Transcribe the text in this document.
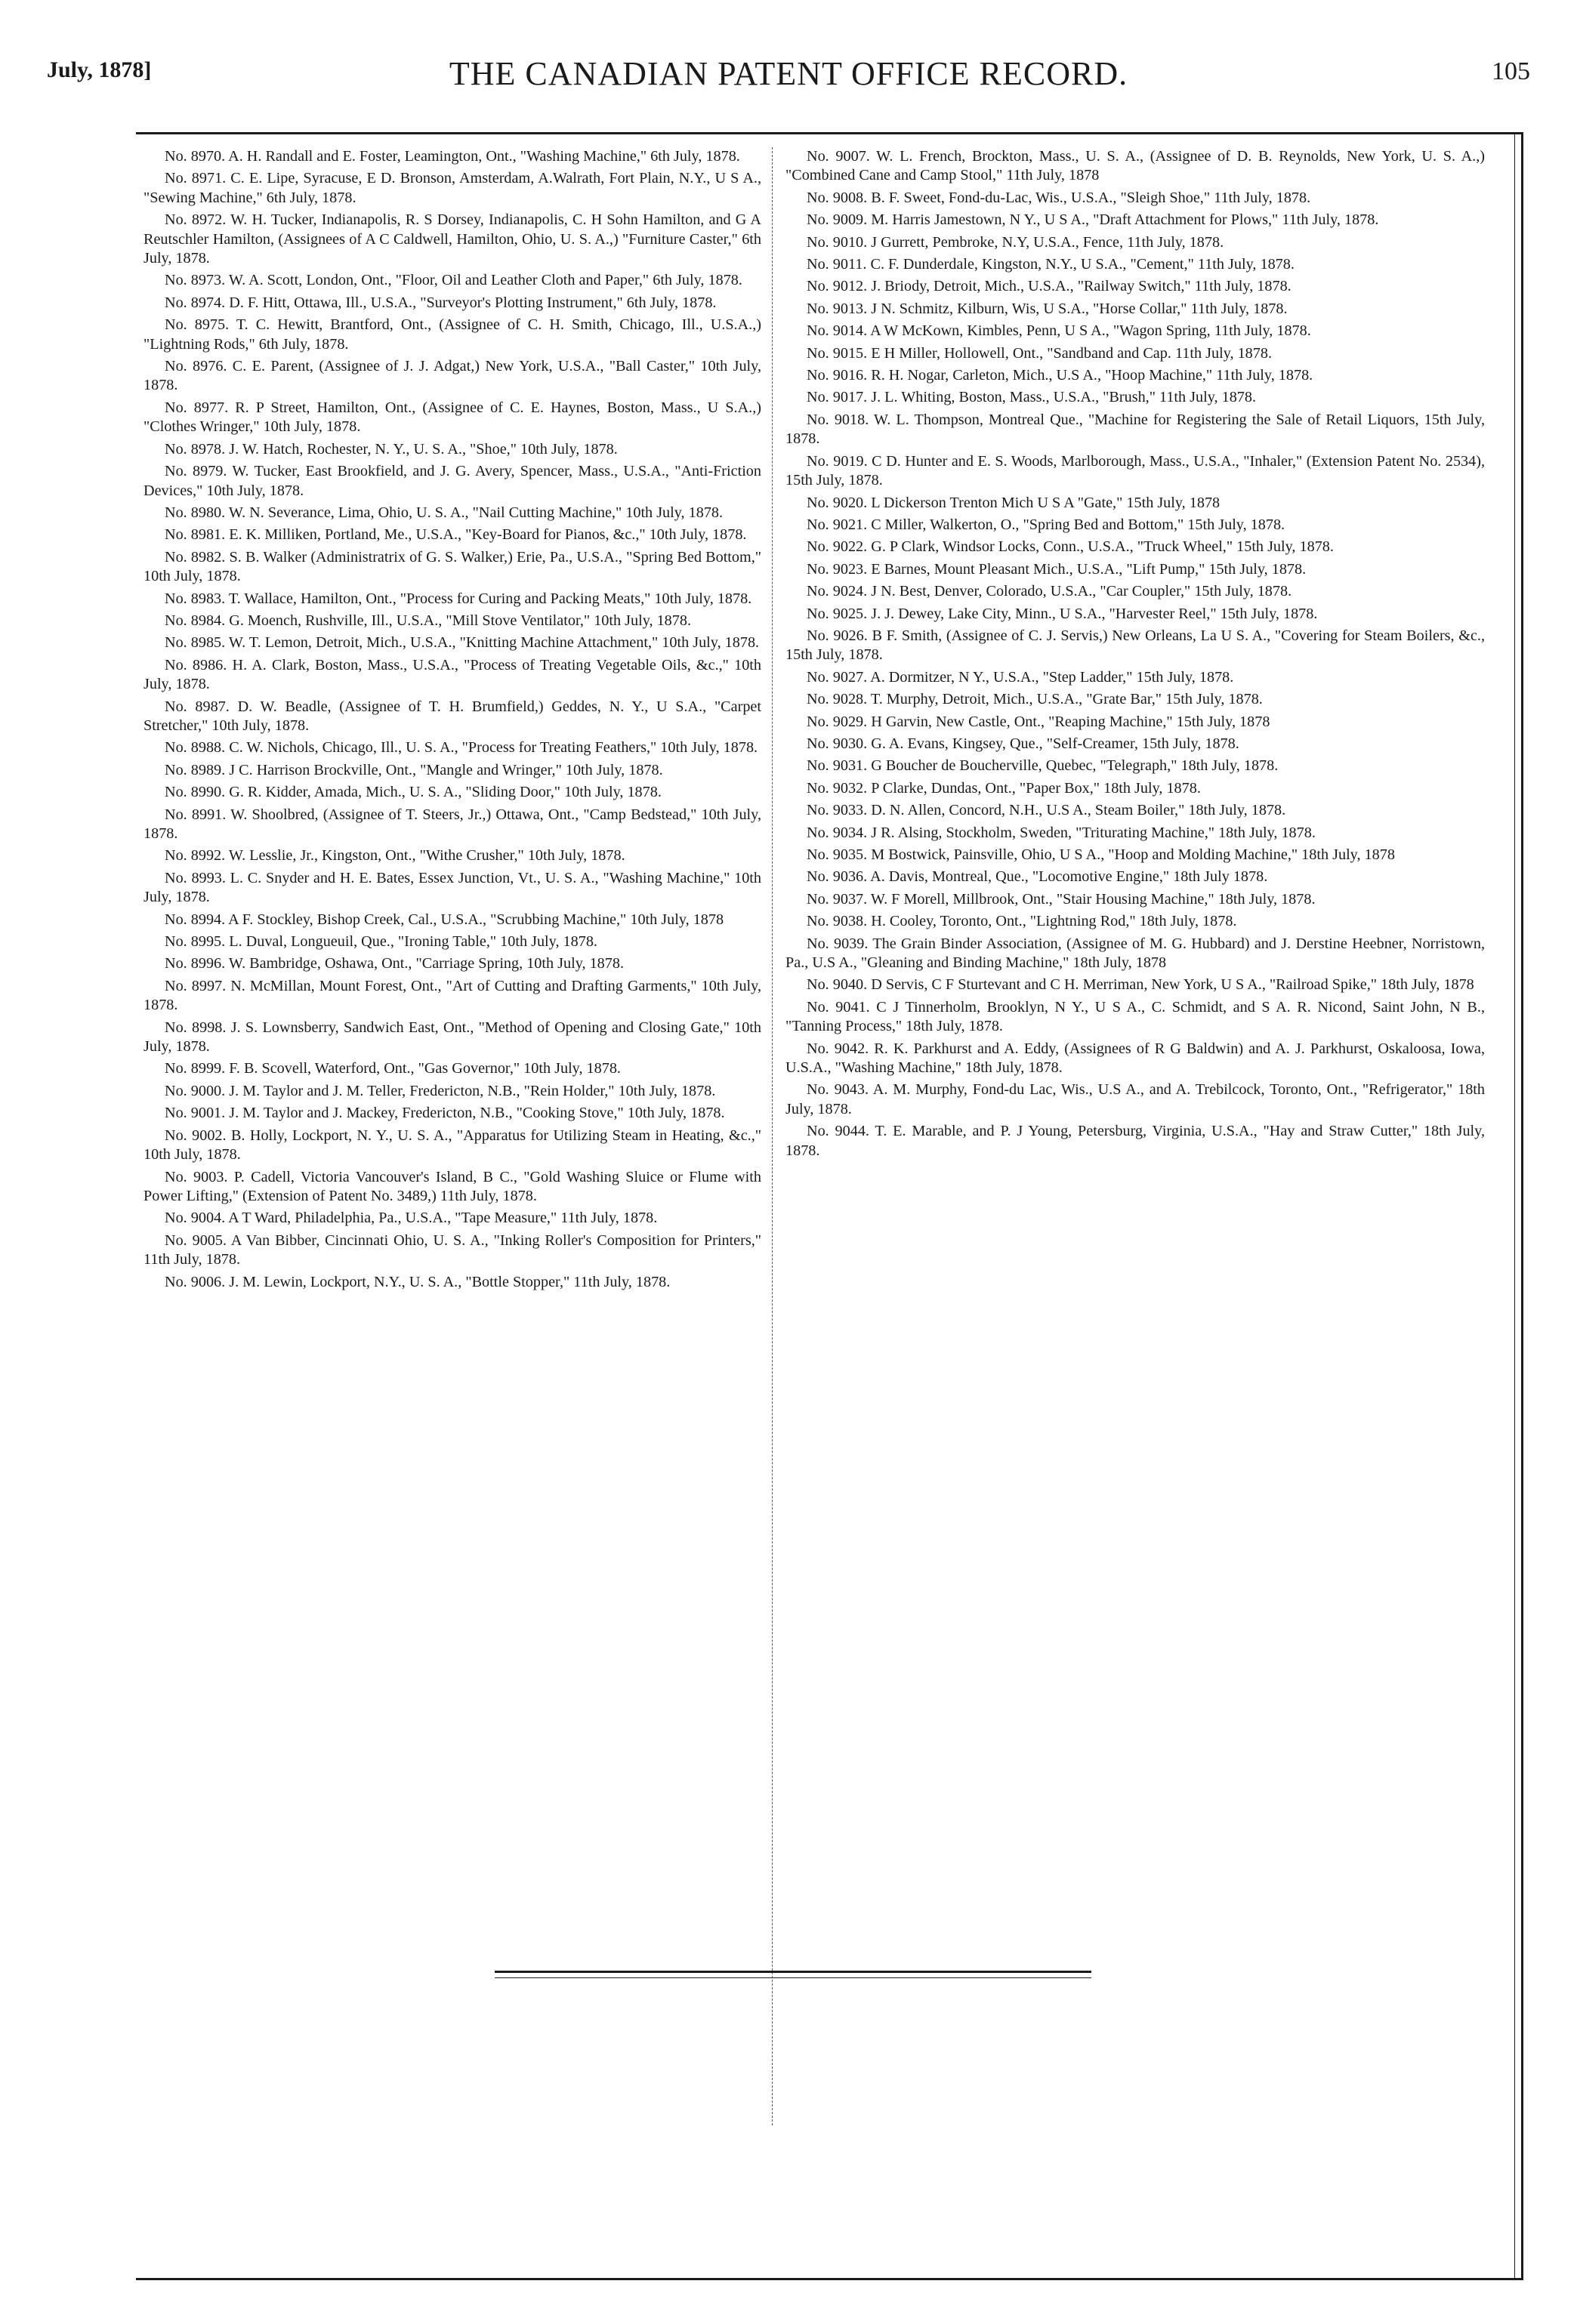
July, 1878]	THE CANADIAN PATENT OFFICE RECORD.	105

No. 8970. A. H. Randall and E. Foster, Leamington, Ont., "Washing Machine," 6th July, 1878.

No. 8971. C. E. Lipe, Syracuse, E D. Bronson, Amsterdam, A.Walrath, Fort Plain, N.Y., U S A., "Sewing Machine," 6th July, 1878.

No. 8972. W. H. Tucker, Indianapolis, R. S Dorsey, Indianapolis, C. H Sohn Hamilton, and G A Reutschler Hamilton, (Assignees of A C Caldwell, Hamilton, Ohio, U. S. A.,) "Furniture Caster," 6th July, 1878.

No. 8973. W. A. Scott, London, Ont., "Floor, Oil and Leather Cloth and Paper," 6th July, 1878.

No. 8974. D. F. Hitt, Ottawa, Ill., U.S.A., "Surveyor's Plotting Instrument," 6th July, 1878.

No. 8975. T. C. Hewitt, Brantford, Ont., (Assignee of C. H. Smith, Chicago, Ill., U.S.A.,) "Lightning Rods," 6th July, 1878.

No. 8976. C. E. Parent, (Assignee of J. J. Adgat,) New York, U.S.A., "Ball Caster," 10th July, 1878.

No. 8977. R. P Street, Hamilton, Ont., (Assignee of C. E. Haynes, Boston, Mass., U S.A.,) "Clothes Wringer," 10th July, 1878.

No. 8978. J. W. Hatch, Rochester, N. Y., U. S. A., "Shoe," 10th July, 1878.

No. 8979. W. Tucker, East Brookfield, and J. G. Avery, Spencer, Mass., U.S.A., "Anti-Friction Devices," 10th July, 1878.

No. 8980. W. N. Severance, Lima, Ohio, U. S. A., "Nail Cutting Machine," 10th July, 1878.

No. 8981. E. K. Milliken, Portland, Me., U.S.A., "Key-Board for Pianos, &c.," 10th July, 1878.

No. 8982. S. B. Walker (Administratrix of G. S. Walker,) Erie, Pa., U.S.A., "Spring Bed Bottom," 10th July, 1878.

No. 8983. T. Wallace, Hamilton, Ont., "Process for Curing and Packing Meats," 10th July, 1878.

No. 8984. G. Moench, Rushville, Ill., U.S.A., "Mill Stove Ventilator," 10th July, 1878.

No. 8985. W. T. Lemon, Detroit, Mich., U.S.A., "Knitting Machine Attachment," 10th July, 1878.

No. 8986. H. A. Clark, Boston, Mass., U.S.A., "Process of Treating Vegetable Oils, &c.," 10th July, 1878.

No. 8987. D. W. Beadle, (Assignee of T. H. Brumfield,) Geddes, N. Y., U S.A., "Carpet Stretcher," 10th July, 1878.

No. 8988. C. W. Nichols, Chicago, Ill., U. S. A., "Process for Treating Feathers," 10th July, 1878.

No. 8989. J C. Harrison Brockville, Ont., "Mangle and Wringer," 10th July, 1878.

No. 8990. G. R. Kidder, Amada, Mich., U. S. A., "Sliding Door," 10th July, 1878.

No. 8991. W. Shoolbred, (Assignee of T. Steers, Jr.,) Ottawa, Ont., "Camp Bedstead," 10th July, 1878.

No. 8992. W. Lesslie, Jr., Kingston, Ont., "Withe Crusher," 10th July, 1878.

No. 8993. L. C. Snyder and H. E. Bates, Essex Junction, Vt., U. S. A., "Washing Machine," 10th July, 1878.

No. 8994. A F. Stockley, Bishop Creek, Cal., U.S.A., "Scrubbing Machine," 10th July, 1878

No. 8995. L. Duval, Longueuil, Que., "Ironing Table," 10th July, 1878.

No. 8996. W. Bambridge, Oshawa, Ont., "Carriage Spring, 10th July, 1878.

No. 8997. N. McMillan, Mount Forest, Ont., "Art of Cutting and Drafting Garments," 10th July, 1878.

No. 8998. J. S. Lownsberry, Sandwich East, Ont., "Method of Opening and Closing Gate," 10th July, 1878.

No. 8999. F. B. Scovell, Waterford, Ont., "Gas Governor," 10th July, 1878.

No. 9000. J. M. Taylor and J. M. Teller, Fredericton, N.B., "Rein Holder," 10th July, 1878.

No. 9001. J. M. Taylor and J. Mackey, Fredericton, N.B., "Cooking Stove," 10th July, 1878.

No. 9002. B. Holly, Lockport, N. Y., U. S. A., "Apparatus for Utilizing Steam in Heating, &c.," 10th July, 1878.

No. 9003. P. Cadell, Victoria Vancouver's Island, B C., "Gold Washing Sluice or Flume with Power Lifting," (Extension of Patent No. 3489,) 11th July, 1878.

No. 9004. A T Ward, Philadelphia, Pa., U.S.A., "Tape Measure," 11th July, 1878.

No. 9005. A Van Bibber, Cincinnati Ohio, U. S. A., "Inking Roller's Composition for Printers," 11th July, 1878.

No. 9006. J. M. Lewin, Lockport, N.Y., U. S. A., "Bottle Stopper," 11th July, 1878.

No. 9007. W. L. French, Brockton, Mass., U. S. A., (Assignee of D. B. Reynolds, New York, U. S. A.,) "Combined Cane and Camp Stool," 11th July, 1878

No. 9008. B. F. Sweet, Fond-du-Lac, Wis., U.S.A., "Sleigh Shoe," 11th July, 1878.

No. 9009. M. Harris Jamestown, N Y., U S A., "Draft Attachment for Plows," 11th July, 1878.

No. 9010. J Gurrett, Pembroke, N.Y, U.S.A., Fence, 11th July, 1878.

No. 9011. C. F. Dunderdale, Kingston, N.Y., U S.A., "Cement," 11th July, 1878.

No. 9012. J. Briody, Detroit, Mich., U.S.A., "Railway Switch," 11th July, 1878.

No. 9013. J N. Schmitz, Kilburn, Wis, U S.A., "Horse Collar," 11th July, 1878.

No. 9014. A W McKown, Kimbles, Penn, U S A., "Wagon Spring, 11th July, 1878.

No. 9015. E H Miller, Hollowell, Ont., "Sandband and Cap. 11th July, 1878.

No. 9016. R. H. Nogar, Carleton, Mich., U.S A., "Hoop Machine," 11th July, 1878.

No. 9017. J. L. Whiting, Boston, Mass., U.S.A., "Brush," 11th July, 1878.

No. 9018. W. L. Thompson, Montreal Que., "Machine for Registering the Sale of Retail Liquors, 15th July, 1878.

No. 9019. C D. Hunter and E. S. Woods, Marlborough, Mass., U.S.A., "Inhaler," (Extension Patent No. 2534), 15th July, 1878.

No. 9020. L Dickerson Trenton Mich U S A "Gate," 15th July, 1878

No. 9021. C Miller, Walkerton, O., "Spring Bed and Bottom," 15th July, 1878.

No. 9022. G. P Clark, Windsor Locks, Conn., U.S.A., "Truck Wheel," 15th July, 1878.

No. 9023. E Barnes, Mount Pleasant Mich., U.S.A., "Lift Pump," 15th July, 1878.

No. 9024. J N. Best, Denver, Colorado, U.S.A., "Car Coupler," 15th July, 1878.

No. 9025. J. J. Dewey, Lake City, Minn., U S.A., "Harvester Reel," 15th July, 1878.

No. 9026. B F. Smith, (Assignee of C. J. Servis,) New Orleans, La U S. A., "Covering for Steam Boilers, &c., 15th July, 1878.

No. 9027. A. Dormitzer, N Y., U.S.A., "Step Ladder," 15th July, 1878.

No. 9028. T. Murphy, Detroit, Mich., U.S.A., "Grate Bar," 15th July, 1878.

No. 9029. H Garvin, New Castle, Ont., "Reaping Machine," 15th July, 1878

No. 9030. G. A. Evans, Kingsey, Que., "Self-Creamer, 15th July, 1878.

No. 9031. G Boucher de Boucherville, Quebec, "Telegraph," 18th July, 1878.

No. 9032. P Clarke, Dundas, Ont., "Paper Box," 18th July, 1878.

No. 9033. D. N. Allen, Concord, N.H., U.S A., Steam Boiler," 18th July, 1878.

No. 9034. J R. Alsing, Stockholm, Sweden, "Triturating Machine," 18th July, 1878.

No. 9035. M Bostwick, Painsville, Ohio, U S A., "Hoop and Molding Machine," 18th July, 1878

No. 9036. A. Davis, Montreal, Que., "Locomotive Engine," 18th July 1878.

No. 9037. W. F Morell, Millbrook, Ont., "Stair Housing Machine," 18th July, 1878.

No. 9038. H. Cooley, Toronto, Ont., "Lightning Rod," 18th July, 1878.

No. 9039. The Grain Binder Association, (Assignee of M. G. Hubbard) and J. Derstine Heebner, Norristown, Pa., U.S A., "Gleaning and Binding Machine," 18th July, 1878

No. 9040. D Servis, C F Sturtevant and C H. Merriman, New York, U S A., "Railroad Spike," 18th July, 1878

No. 9041. C J Tinnerholm, Brooklyn, N Y., U S A., C. Schmidt, and S A. R. Nicond, Saint John, N B., "Tanning Process," 18th July, 1878.

No. 9042. R. K. Parkhurst and A. Eddy, (Assignees of R G Baldwin) and A. J. Parkhurst, Oskaloosa, Iowa, U.S.A., "Washing Machine," 18th July, 1878.

No. 9043. A. M. Murphy, Fond-du Lac, Wis., U.S A., and A. Trebilcock, Toronto, Ont., "Refrigerator," 18th July, 1878.

No. 9044. T. E. Marable, and P. J Young, Petersburg, Virginia, U.S.A., "Hay and Straw Cutter," 18th July, 1878.
